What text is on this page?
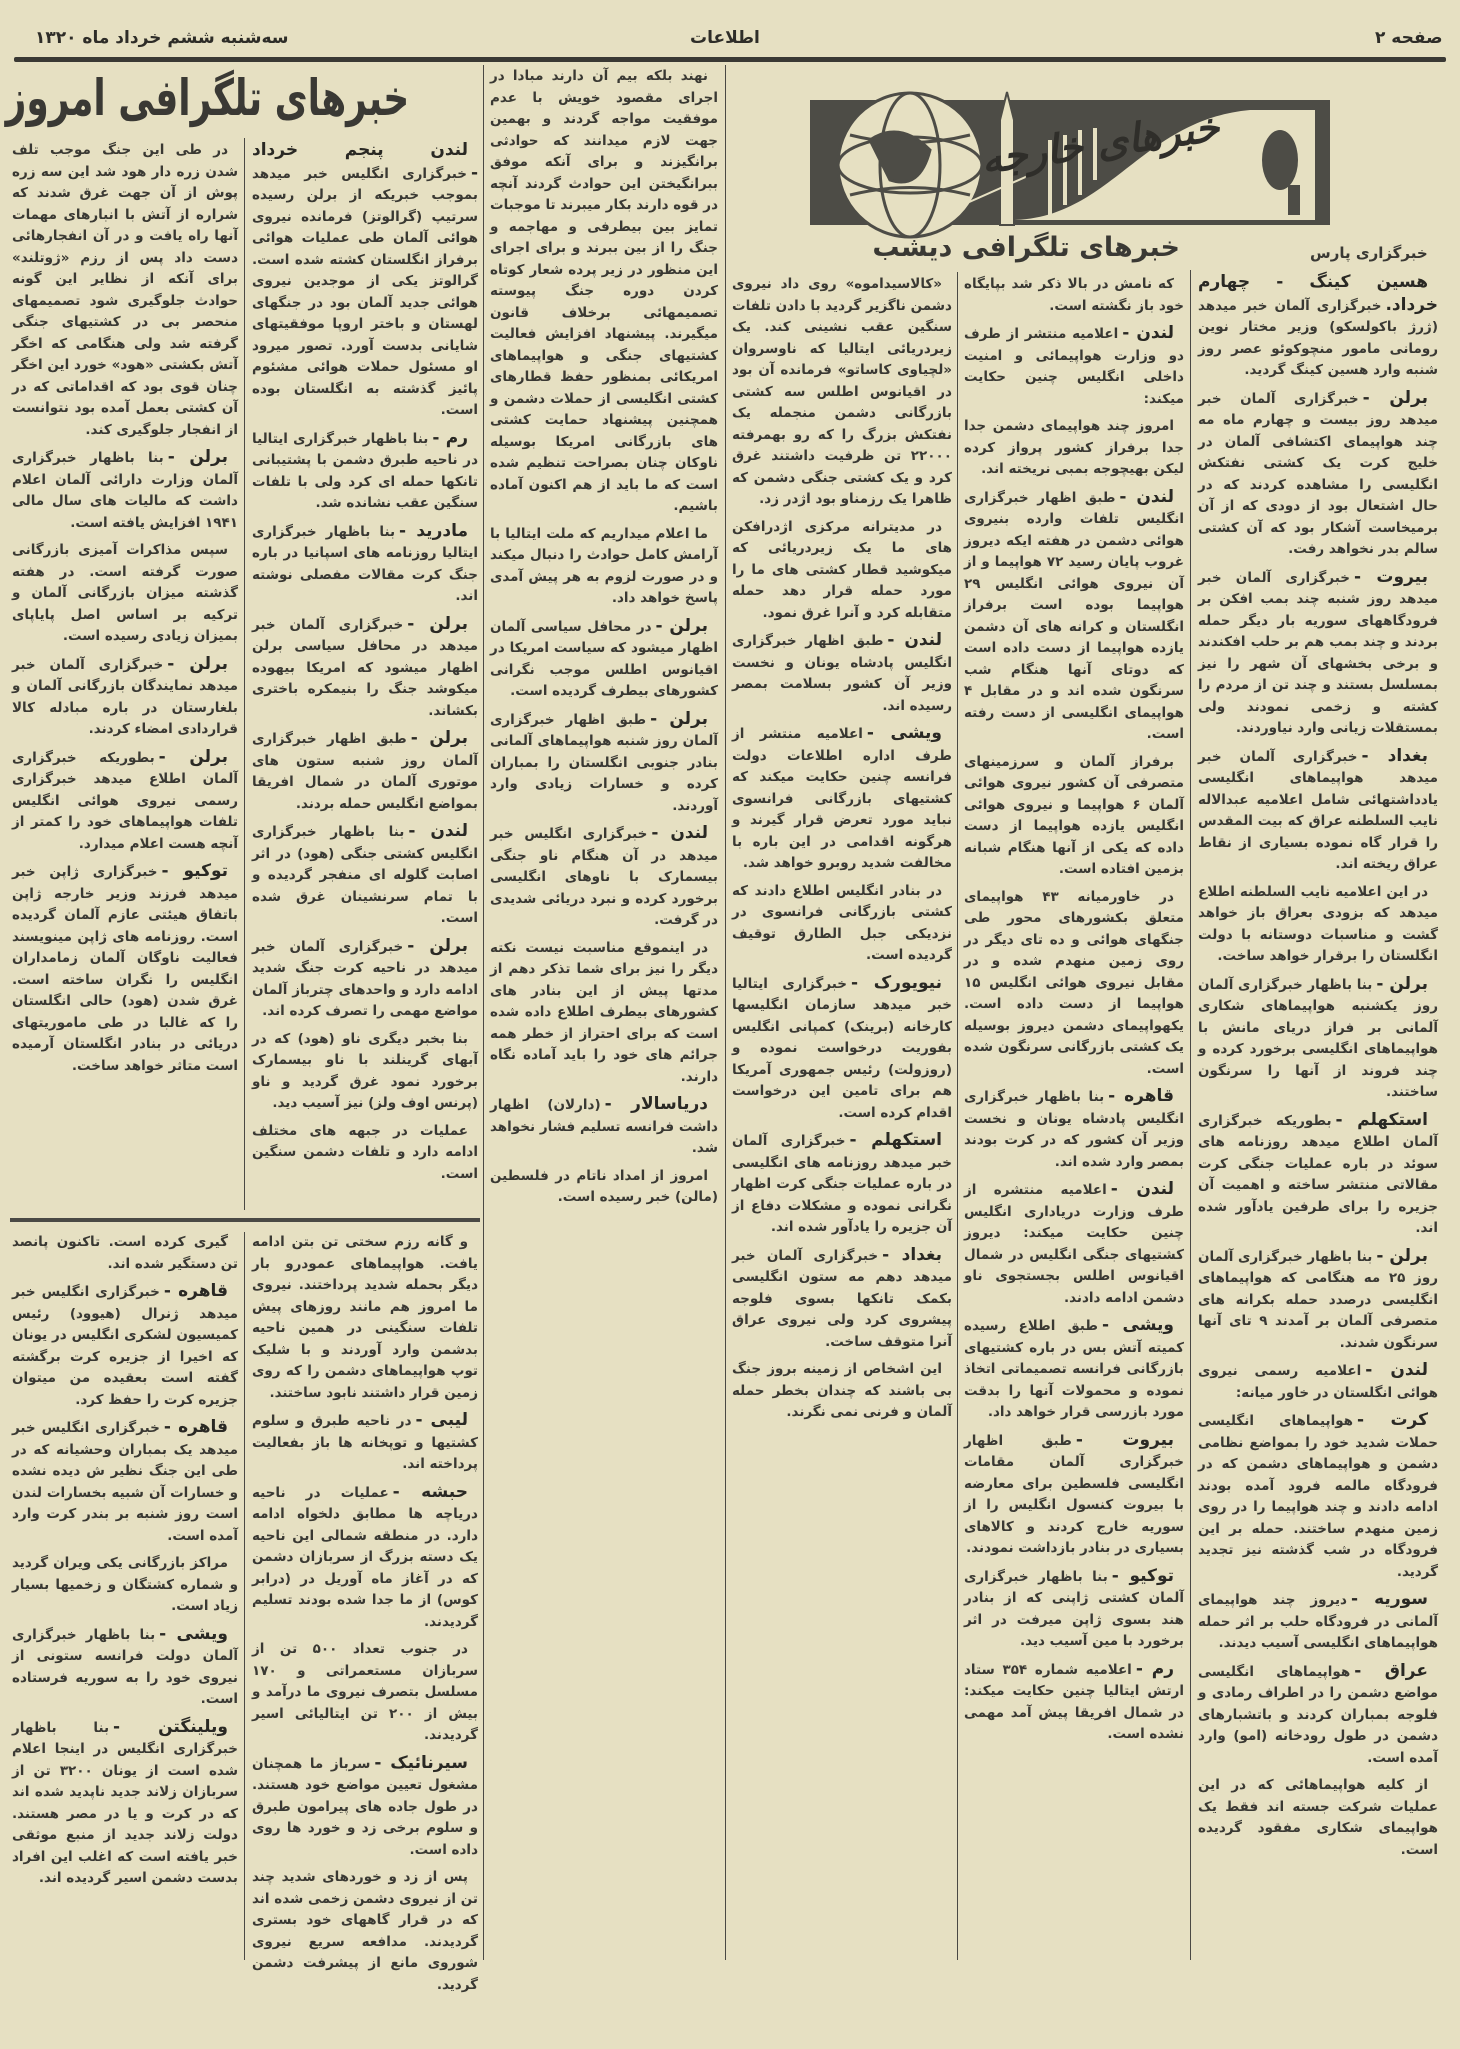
صفحه ۲
اطلاعات
سه‌شنبه ششم خرداد ماه ۱۳۲۰
خبرهای خارجه
خبرهای تلگرافی امروز
خبرهای تلگرافی دیشب	خبرگزاری پارس

هسین کینگ - چهارم خرداد.خبرگزاری آلمان خبر میدهد (ژرژ باکولسکو) وزیر مختار نوین رومانی مامور منچوکوئو عصر روز شنبه وارد هسین کینگ گردید.

برلن -خبرگزاری آلمان خبر میدهد روز بیست و چهارم ماه مه چند هواپیمای اکتشافی آلمان در خلیج کرت یک کشتی نفتکش انگلیسی را مشاهده کردند که در حال اشتعال بود از دودی که از آن برمیخاست آشکار بود که آن کشتی سالم بدر نخواهد رفت.

بیروت -خبرگزاری آلمان خبر میدهد روز شنبه چند بمب افکن بر فرودگاههای سوریه بار دیگر حمله بردند و چند بمب هم بر حلب افکندند و برخی بخشهای آن شهر را نیز بمسلسل بستند و چند تن از مردم را کشته و زخمی نمودند ولی بمستقلات زیانی وارد نیاوردند.

بغداد -خبرگزاری آلمان خبر میدهد هواپیماهای انگلیسی یادداشتهائی شامل اعلامیه عبدالاله نایب السلطنه عراق که بیت المقدس را قرار گاه نموده بسیاری از نقاط عراق ریخته اند.

در این اعلامیه نایب السلطنه اطلاع میدهد که بزودی بعراق باز خواهد گشت و مناسبات دوستانه با دولت انگلستان را برقرار خواهد ساخت.

برلن -بنا باظهار خبرگزاری آلمان روز یکشنبه هواپیماهای شکاری آلمانی بر فراز دریای مانش با هواپیماهای انگلیسی برخورد کرده و چند فروند از آنها را سرنگون ساختند.

استکهلم -بطوریکه خبرگزاری آلمان اطلاع میدهد روزنامه های سوئد در باره عملیات جنگی کرت مقالاتی منتشر ساخته و اهمیت آن جزیره را برای طرفین یادآور شده اند.

برلن -بنا باظهار خبرگزاری آلمان روز ۲۵ مه هنگامی که هواپیماهای انگلیسی درصدد حمله بکرانه های متصرفی آلمان بر آمدند ۹ تای آنها سرنگون شدند.

لندن -اعلامیه رسمی نیروی هوائی انگلستان در خاور میانه:

کرت -هواپیماهای انگلیسی حملات شدید خود را بمواضع نظامی دشمن و هواپیماهای دشمن که در فرودگاه مالمه فرود آمده بودند ادامه دادند و چند هواپیما را در روی زمین منهدم ساختند. حمله بر این فرودگاه در شب گذشته نیز تجدید گردید.

سوریه -دیروز چند هواپیمای آلمانی در فرودگاه حلب بر اثر حمله هواپیماهای انگلیسی آسیب دیدند.

عراق -هواپیماهای انگلیسی مواضع دشمن را در اطراف رمادی و فلوجه بمباران کردند و باتشبارهای دشمن در طول رودخانه (امو) وارد آمده است.

از کلیه هواپیماهائی که در این عملیات شرکت جسته اند فقط یک هواپیمای شکاری مفقود گردیده است.

که نامش در بالا ذکر شد بپایگاه خود باز نگشته است.

لندن -اعلامیه منتشر از طرف دو وزارت هواپیمائی و امنیت داخلی انگلیس چنین حکایت میکند:

امروز چند هواپیمای دشمن جدا جدا برفراز کشور پرواز کرده لیکن بهیچوجه بمبی نریخته اند.

لندن -طبق اظهار خبرگزاری انگلیس تلفات وارده بنیروی هوائی دشمن در هفته ایکه دیروز غروب پایان رسید ۷۲ هواپیما و از آن نیروی هوائی انگلیس ۲۹ هواپیما بوده است برفراز انگلستان و کرانه های آن دشمن یازده هواپیما از دست داده است که دوتای آنها هنگام شب سرنگون شده اند و در مقابل ۴ هواپیمای انگلیسی از دست رفته است.

برفراز آلمان و سرزمینهای متصرفی آن کشور نیروی هوائی آلمان ۶ هواپیما و نیروی هوائی انگلیس یازده هواپیما از دست داده که یکی از آنها هنگام شبانه بزمین افتاده است.

در خاورمیانه ۴۳ هواپیمای متعلق بکشورهای محور طی جنگهای هوائی و ده تای دیگر در روی زمین منهدم شده و در مقابل نیروی هوائی انگلیس ۱۵ هواپیما از دست داده است. یکهواپیمای دشمن دیروز بوسیله یک کشتی بازرگانی سرنگون شده است.

قاهره -بنا باظهار خبرگزاری انگلیس پادشاه یونان و نخست وزیر آن کشور که در کرت بودند بمصر وارد شده اند.

لندن -اعلامیه منتشره از طرف وزارت دریاداری انگلیس چنین حکایت میکند: دیروز کشتیهای جنگی انگلیس در شمال اقیانوس اطلس بجستجوی ناو دشمن ادامه دادند.

ویشی -طبق اطلاع رسیده کمیته آتش بس در باره کشتیهای بازرگانی فرانسه تصمیماتی اتخاذ نموده و محمولات آنها را بدقت مورد بازرسی قرار خواهد داد.

بیروت -طبق اظهار خبرگزاری آلمان مقامات انگلیسی فلسطین برای معارضه با بیروت کنسول انگلیس را از سوریه خارج کردند و کالاهای بسیاری در بنادر بازداشت نمودند.

توکیو -بنا باظهار خبرگزاری آلمان کشتی ژاپنی که از بنادر هند بسوی ژاپن میرفت در اثر برخورد با مین آسیب دید.

رم -اعلامیه شماره ۳۵۴ ستاد ارتش ایتالیا چنین حکایت میکند: در شمال افریقا پیش آمد مهمی نشده است.

«کالاسیداموه» روی داد نیروی دشمن ناگزیر گردید با دادن تلفات سنگین عقب نشینی کند. یک زیردریائی ایتالیا که ناوسروان «لچیاوی کاساتو» فرمانده آن بود در اقیانوس اطلس سه کشتی بازرگانی دشمن منجمله یک نفتکش بزرگ را که رو بهمرفته ۲۲۰۰۰ تن ظرفیت داشتند غرق کرد و یک کشتی جنگی دشمن که ظاهرا یک رزمناو بود اژدر زد.

در مدیترانه مرکزی اژدرافکن های ما یک زیردریائی که میکوشید قطار کشتی های ما را مورد حمله قرار دهد حمله متقابله کرد و آنرا غرق نمود.

لندن -طبق اظهار خبرگزاری انگلیس پادشاه یونان و نخست وزیر آن کشور بسلامت بمصر رسیده اند.

ویشی -اعلامیه منتشر از طرف اداره اطلاعات دولت فرانسه چنین حکایت میکند که کشتیهای بازرگانی فرانسوی نباید مورد تعرض قرار گیرند و هرگونه اقدامی در این باره با مخالفت شدید روبرو خواهد شد.

در بنادر انگلیس اطلاع دادند که کشتی بازرگانی فرانسوی در نزدیکی جبل الطارق توقیف گردیده است.

نیویورک -خبرگزاری ایتالیا خبر میدهد سازمان انگلیسها کارخانه (برینک) کمپانی انگلیس بفوریت درخواست نموده و (روزولت) رئیس جمهوری آمریکا هم برای تامین این درخواست اقدام کرده است.

استکهلم -خبرگزاری آلمان خبر میدهد روزنامه های انگلیسی در باره عملیات جنگی کرت اظهار نگرانی نموده و مشکلات دفاع از آن جزیره را یادآور شده اند.

بغداد -خبرگزاری آلمان خبر میدهد دهم مه ستون انگلیسی بکمک تانکها بسوی فلوجه پیشروی کرد ولی نیروی عراق آنرا متوقف ساخت.

این اشخاص از زمینه بروز جنگ بی باشند که چندان بخطر حمله آلمان و فرنی نمی نگرند.

نهند بلکه بیم آن دارند مبادا در اجرای مقصود خویش با عدم موفقیت مواجه گردند و بهمین جهت لازم میدانند که حوادثی برانگیزند و برای آنکه موفق ببرانگیختن این حوادث گردند آنچه در قوه دارند بکار میبرند تا موجبات تمایز بین بیطرفی و مهاجمه و جنگ را از بین ببرند و برای اجرای این منظور در زیر پرده شعار کوتاه کردن دوره جنگ پیوسته تصمیمهائی برخلاف قانون میگیرند. پیشنهاد افزایش فعالیت کشتیهای جنگی و هواپیماهای امریکائی بمنظور حفظ قطارهای کشتی انگلیسی از حملات دشمن و همچنین پیشنهاد حمایت کشتی های بازرگانی امریکا بوسیله ناوکان چنان بصراحت تنظیم شده است که ما باید از هم اکنون آماده باشیم.

ما اعلام میداریم که ملت ایتالیا با آرامش کامل حوادث را دنبال میکند و در صورت لزوم به هر پیش آمدی پاسخ خواهد داد.

برلن -در محافل سیاسی آلمان اظهار میشود که سیاست امریکا در اقیانوس اطلس موجب نگرانی کشورهای بیطرف گردیده است.

برلن -طبق اظهار خبرگزاری آلمان روز شنبه هواپیماهای آلمانی بنادر جنوبی انگلستان را بمباران کرده و خسارات زیادی وارد آوردند.

لندن -خبرگزاری انگلیس خبر میدهد در آن هنگام ناو جنگی بیسمارک با ناوهای انگلیسی برخورد کرده و نبرد دریائی شدیدی در گرفت.

در اینموقع مناسبت نیست نکته دیگر را نیز برای شما تذکر دهم از مدتها پیش از این بنادر های کشورهای بیطرف اطلاع داده شده است که برای احتراز از خطر همه جرائم های خود را باید آماده نگاه دارند.

دریاسالار -(دارلان) اظهار داشت فرانسه تسلیم فشار نخواهد شد.

امروز از امداد ناتام در فلسطین (مالن) خبر رسیده است.

لندن پنجم خرداد -خبرگزاری انگلیس خبر میدهد بموجب خبریکه از برلن رسیده سرتیپ (گرالوتز) فرمانده نیروی هوائی آلمان طی عملیات هوائی برفراز انگلستان کشته شده است. گرالوتز یکی از موجدین نیروی هوائی جدید آلمان بود در جنگهای لهستان و باختر اروپا موفقیتهای شایانی بدست آورد. تصور میرود او مسئول حملات هوائی مشئوم پائیز گذشته به انگلستان بوده است.

رم -بنا باظهار خبرگزاری ایتالیا در ناحیه طبرق دشمن با پشتیبانی تانکها حمله ای کرد ولی با تلفات سنگین عقب نشانده شد.

مادرید -بنا باظهار خبرگزاری ایتالیا روزنامه های اسپانیا در باره جنگ کرت مقالات مفصلی نوشته اند.

برلن -خبرگزاری آلمان خبر میدهد در محافل سیاسی برلن اظهار میشود که امریکا بیهوده میکوشد جنگ را بنیمکره باختری بکشاند.

برلن -طبق اظهار خبرگزاری آلمان روز شنبه ستون های موتوری آلمان در شمال افریقا بمواضع انگلیس حمله بردند.

لندن -بنا باظهار خبرگزاری انگلیس کشتی جنگی (هود) در اثر اصابت گلوله ای منفجر گردیده و با تمام سرنشینان غرق شده است.

برلن -خبرگزاری آلمان خبر میدهد در ناحیه کرت جنگ شدید ادامه دارد و واحدهای چترباز آلمان مواضع مهمی را تصرف کرده اند.

بنا بخبر دیگری ناو (هود) که در آبهای گرینلند با ناو بیسمارک برخورد نمود غرق گردید و ناو (پرنس اوف ولز) نیز آسیب دید.

عملیات در جبهه های مختلف ادامه دارد و تلفات دشمن سنگین است.

در طی این جنگ موجب تلف شدن زره دار هود شد این سه زره پوش از آن جهت غرق شدند که شراره از آتش با انبارهای مهمات آنها راه یافت و در آن انفجارهائی دست داد پس از رزم «ژوتلند» برای آنکه از نظایر این گونه حوادث جلوگیری شود تصمیمهای منحصر بی در کشتیهای جنگی گرفته شد ولی هنگامی که اخگر آتش بکشتی «هود» خورد این اخگر چنان قوی بود که اقداماتی که در آن کشتی بعمل آمده بود نتوانست از انفجار جلوگیری کند.

برلن -بنا باظهار خبرگزاری آلمان وزارت دارائی آلمان اعلام داشت که مالیات های سال مالی ۱۹۴۱ افزایش یافته است.

سپس مذاکرات آمیزی بازرگانی صورت گرفته است. در هفته گذشته میزان بازرگانی آلمان و ترکیه بر اساس اصل پایاپای بمیزان زیادی رسیده است.

برلن -خبرگزاری آلمان خبر میدهد نمایندگان بازرگانی آلمان و بلغارستان در باره مبادله کالا قراردادی امضاء کردند.

برلن -بطوریکه خبرگزاری آلمان اطلاع میدهد خبرگزاری رسمی نیروی هوائی انگلیس تلفات هواپیماهای خود را کمتر از آنچه هست اعلام میدارد.

توکیو -خبرگزاری ژاپن خبر میدهد فرزند وزیر خارجه ژاپن باتفاق هیئتی عازم آلمان گردیده است. روزنامه های ژاپن مینویسند فعالیت ناوگان آلمان زمامداران انگلیس را نگران ساخته است. غرق شدن (هود) حالی انگلستان را که غالبا در طی ماموریتهای دریائی در بنادر انگلستان آرمیده است متاثر خواهد ساخت.

گیری کرده است. تاکنون پانصد تن دستگیر شده اند.

قاهره -خبرگزاری انگلیس خبر میدهد ژنرال (هیوود) رئیس کمیسیون لشکری انگلیس در یونان که اخیرا از جزیره کرت برگشته گفته است بعقیده من میتوان جزیره کرت را حفظ کرد.

قاهره -خبرگزاری انگلیس خبر میدهد یک بمباران وحشیانه که در طی این جنگ نظیر ش دیده نشده و خسارات آن شبیه بخسارات لندن است روز شنبه بر بندر کرت وارد آمده است.

مراکز بازرگانی یکی ویران گردید و شماره کشتگان و زخمیها بسیار زیاد است.

ویشی -بنا باظهار خبرگزاری آلمان دولت فرانسه ستونی از نیروی خود را به سوریه فرستاده است.

ویلینگتن -بنا باظهار خبرگزاری انگلیس در اینجا اعلام شده است از یونان ۳۲۰۰ تن از سربازان زلاند جدید ناپدید شده اند که در کرت و یا در مصر هستند. دولت زلاند جدید از منبع موثقی خبر یافته است که اغلب این افراد بدست دشمن اسیر گردیده اند.

و گانه رزم سختی تن بتن ادامه یافت. هواپیماهای عمودرو بار دیگر بحمله شدید پرداختند. نیروی ما امروز هم مانند روزهای پیش تلفات سنگینی در همین ناحیه بدشمن وارد آوردند و با شلیک توپ هواپیماهای دشمن را که روی زمین قرار داشتند نابود ساختند.

لیبی -در ناحیه طبرق و سلوم کشتیها و توپخانه ها باز بفعالیت پرداخته اند.

حبشه -عملیات در ناحیه دریاچه ها مطابق دلخواه ادامه دارد. در منطقه شمالی این ناحیه یک دسته بزرگ از سربازان دشمن که در آغاز ماه آوریل در (درابر کوس) از ما جدا شده بودند تسلیم گردیدند.

در جنوب تعداد ۵۰۰ تن از سربازان مستعمراتی و ۱۷۰ مسلسل بتصرف نیروی ما درآمد و بیش از ۲۰۰ تن ایتالیائی اسیر گردیدند.

سیرنائیک -سرباز ما همچنان مشغول تعیین مواضع خود هستند. در طول جاده های پیرامون طبرق و سلوم برخی زد و خورد ها روی داده است.

پس از زد و خوردهای شدید چند تن از نیروی دشمن زخمی شده اند که در قرار گاههای خود بستری گردیدند. مدافعه سریع نیروی شوروی مانع از پیشرفت دشمن گردید.
